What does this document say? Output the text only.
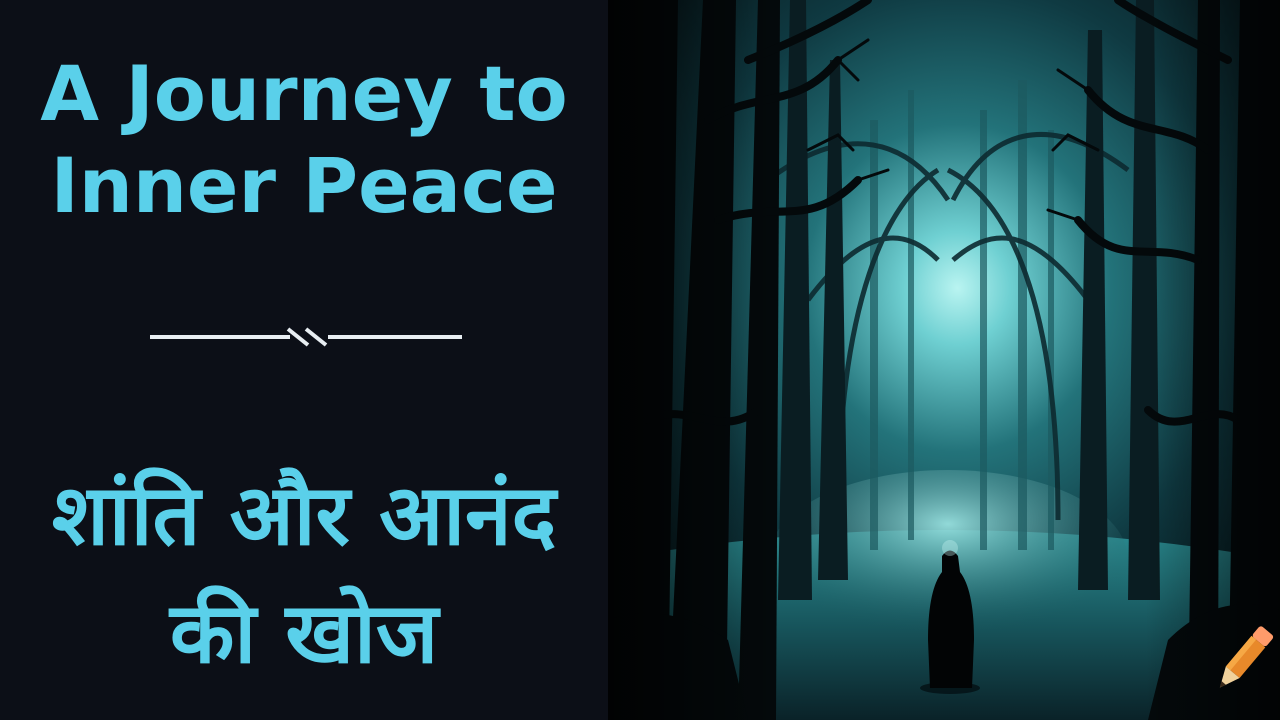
A Journey to
Inner Peace
शांति और आनंद
की खोज
